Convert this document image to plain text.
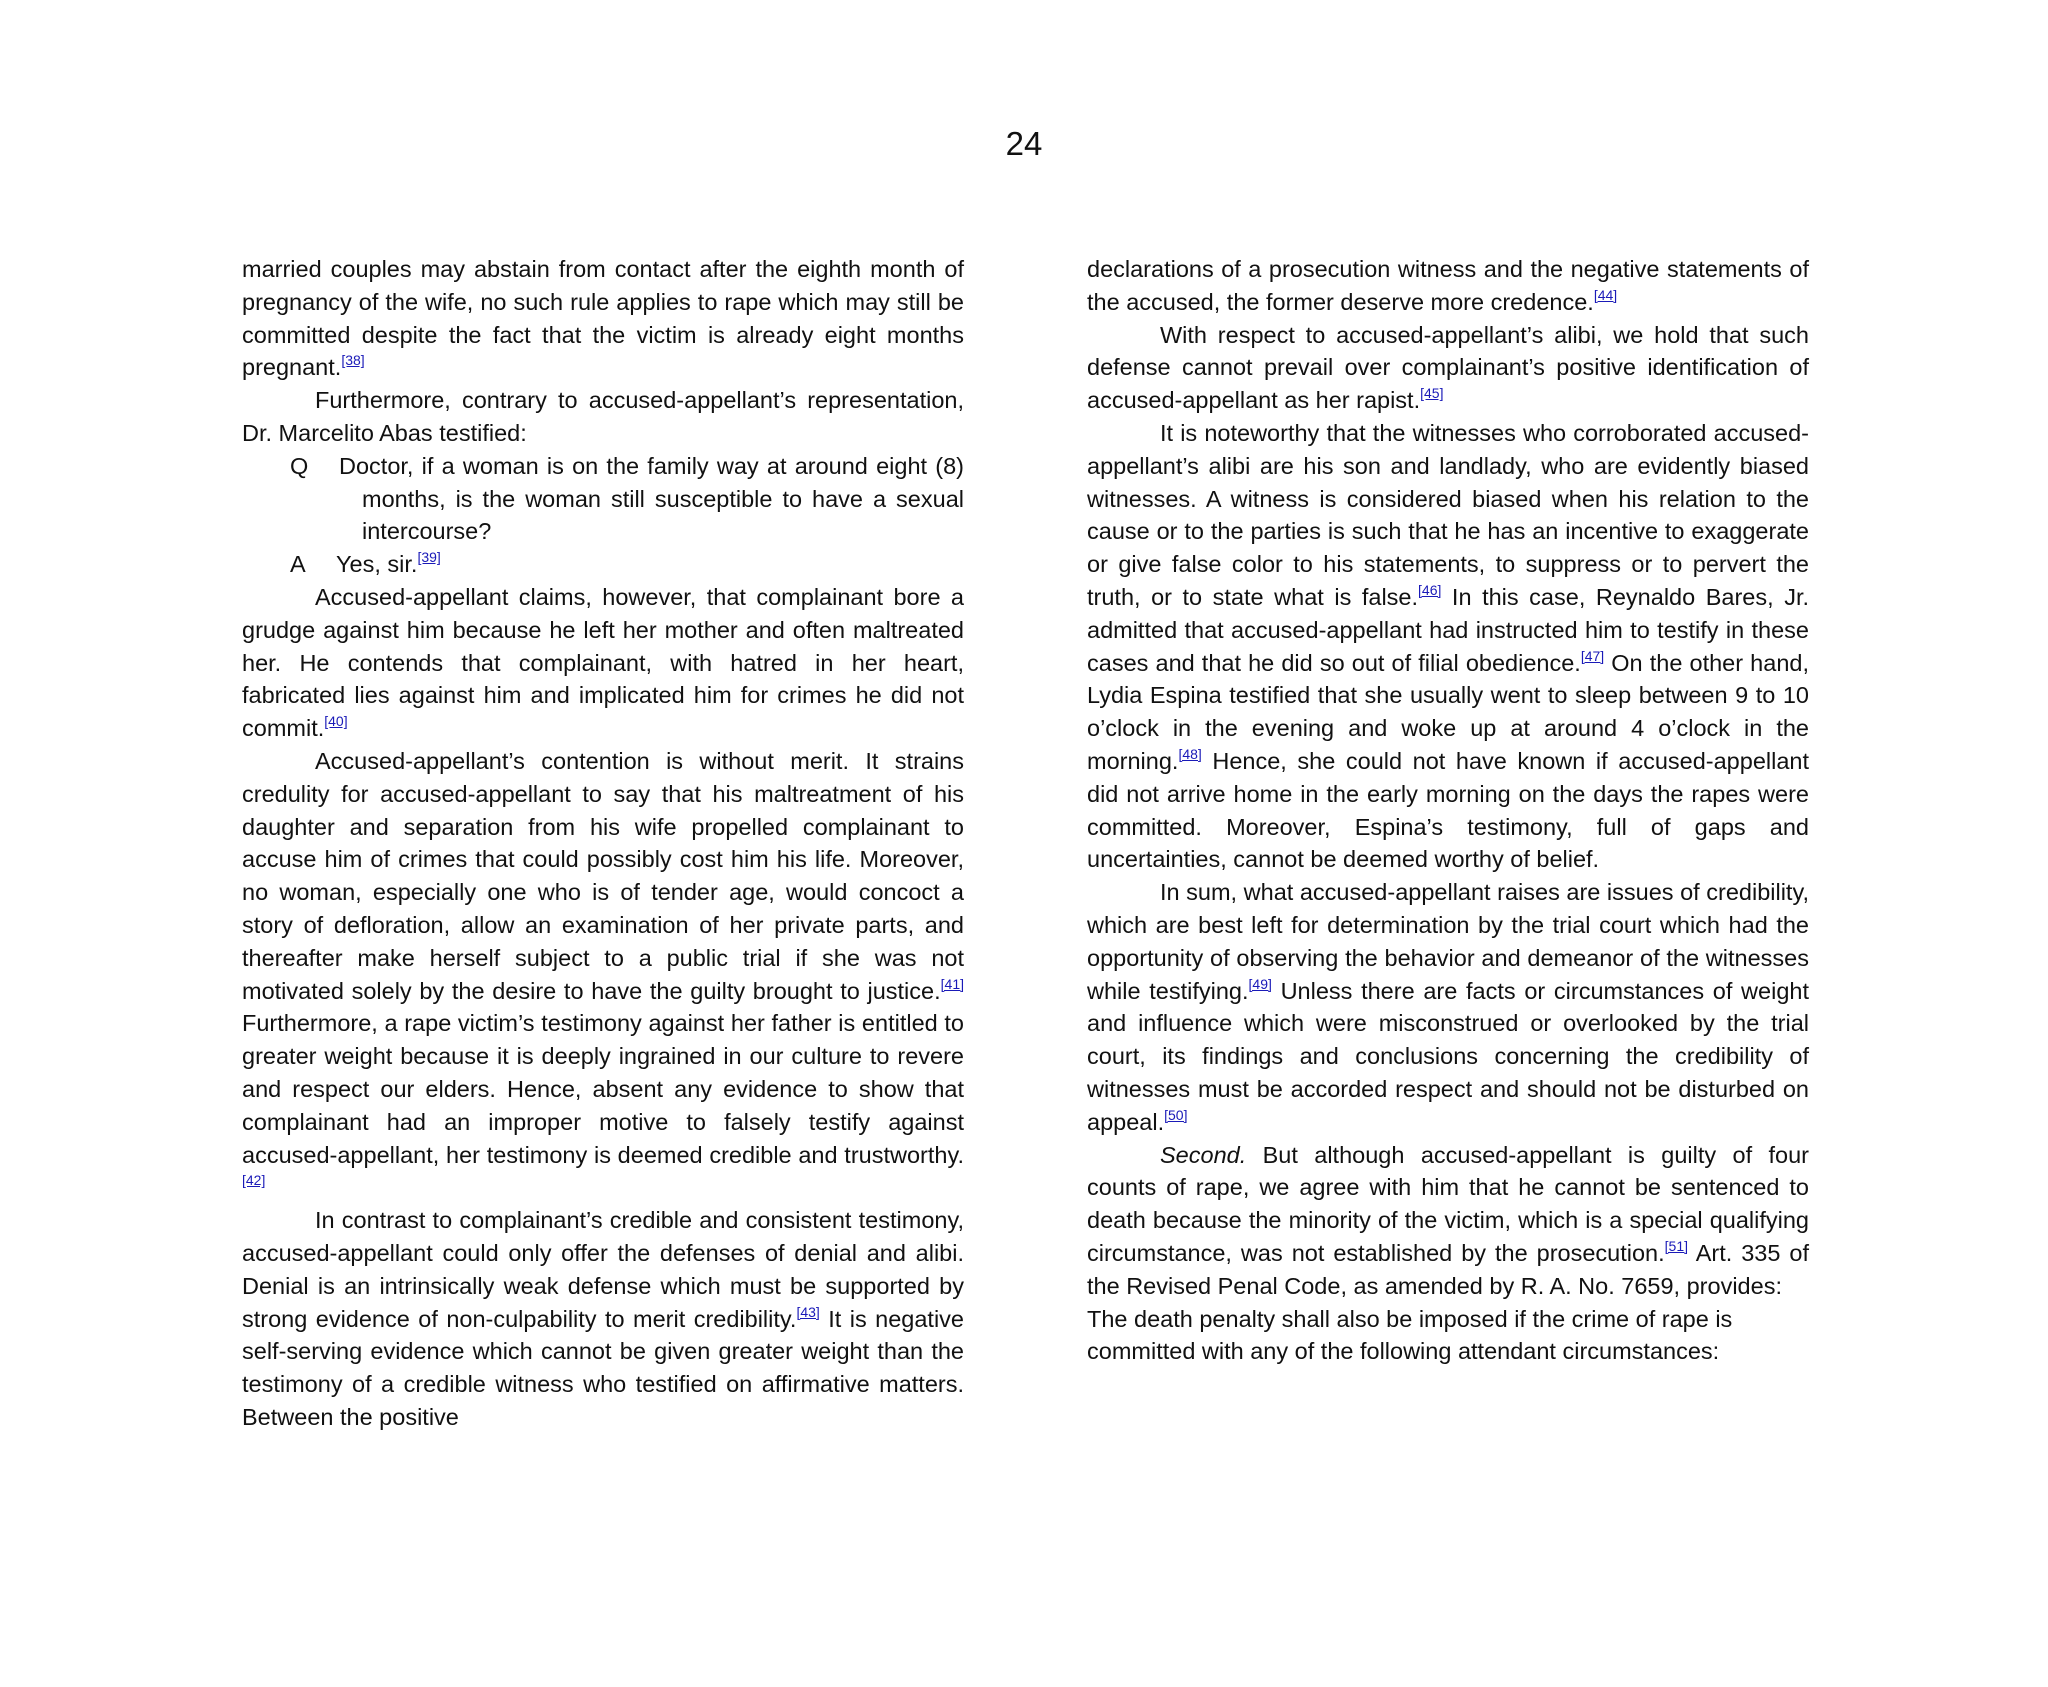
24

married couples may abstain from contact after the eighth month of pregnancy of the wife, no such rule applies to rape which may still be committed despite the fact that the victim is already eight months pregnant.[38]

Furthermore, contrary to accused-appellant’s representation, Dr. Marcelito Abas testified:

Q Doctor, if a woman is on the family way at around eight (8) months, is the woman still susceptible to have a sexual intercourse?

A Yes, sir.[39]

Accused-appellant claims, however, that complainant bore a grudge against him because he left her mother and often maltreated her. He contends that complainant, with hatred in her heart, fabricated lies against him and implicated him for crimes he did not commit.[40]

Accused-appellant’s contention is without merit. It strains credulity for accused-appellant to say that his maltreatment of his daughter and separation from his wife propelled complainant to accuse him of crimes that could possibly cost him his life. Moreover, no woman, especially one who is of tender age, would concoct a story of defloration, allow an examination of her private parts, and thereafter make herself subject to a public trial if she was not motivated solely by the desire to have the guilty brought to justice.[41] Furthermore, a rape victim’s testimony against her father is entitled to greater weight because it is deeply ingrained in our culture to revere and respect our elders. Hence, absent any evidence to show that complainant had an improper motive to falsely testify against accused-appellant, her testimony is deemed credible and trustworthy.[42]

In contrast to complainant’s credible and consistent testimony, accused-appellant could only offer the defenses of denial and alibi. Denial is an intrinsically weak defense which must be supported by strong evidence of non-culpability to merit credibility.[43] It is negative self-serving evidence which cannot be given greater weight than the testimony of a credible witness who testified on affirmative matters. Between the positive

declarations of a prosecution witness and the negative statements of the accused, the former deserve more credence.[44]

With respect to accused-appellant’s alibi, we hold that such defense cannot prevail over complainant’s positive identification of accused-appellant as her rapist.[45]

It is noteworthy that the witnesses who corroborated accused-appellant’s alibi are his son and landlady, who are evidently biased witnesses. A witness is considered biased when his relation to the cause or to the parties is such that he has an incentive to exaggerate or give false color to his statements, to suppress or to pervert the truth, or to state what is false.[46] In this case, Reynaldo Bares, Jr. admitted that accused-appellant had instructed him to testify in these cases and that he did so out of filial obedience.[47] On the other hand, Lydia Espina testified that she usually went to sleep between 9 to 10 o’clock in the evening and woke up at around 4 o’clock in the morning.[48] Hence, she could not have known if accused-appellant did not arrive home in the early morning on the days the rapes were committed. Moreover, Espina’s testimony, full of gaps and uncertainties, cannot be deemed worthy of belief.

In sum, what accused-appellant raises are issues of credibility, which are best left for determination by the trial court which had the opportunity of observing the behavior and demeanor of the witnesses while testifying.[49] Unless there are facts or circumstances of weight and influence which were misconstrued or overlooked by the trial court, its findings and conclusions concerning the credibility of witnesses must be accorded respect and should not be disturbed on appeal.[50]

Second. But although accused-appellant is guilty of four counts of rape, we agree with him that he cannot be sentenced to death because the minority of the victim, which is a special qualifying circumstance, was not established by the prosecution.[51] Art. 335 of the Revised Penal Code, as amended by R. A. No. 7659, provides:

The death penalty shall also be imposed if the crime of rape is committed with any of the following attendant circumstances:
